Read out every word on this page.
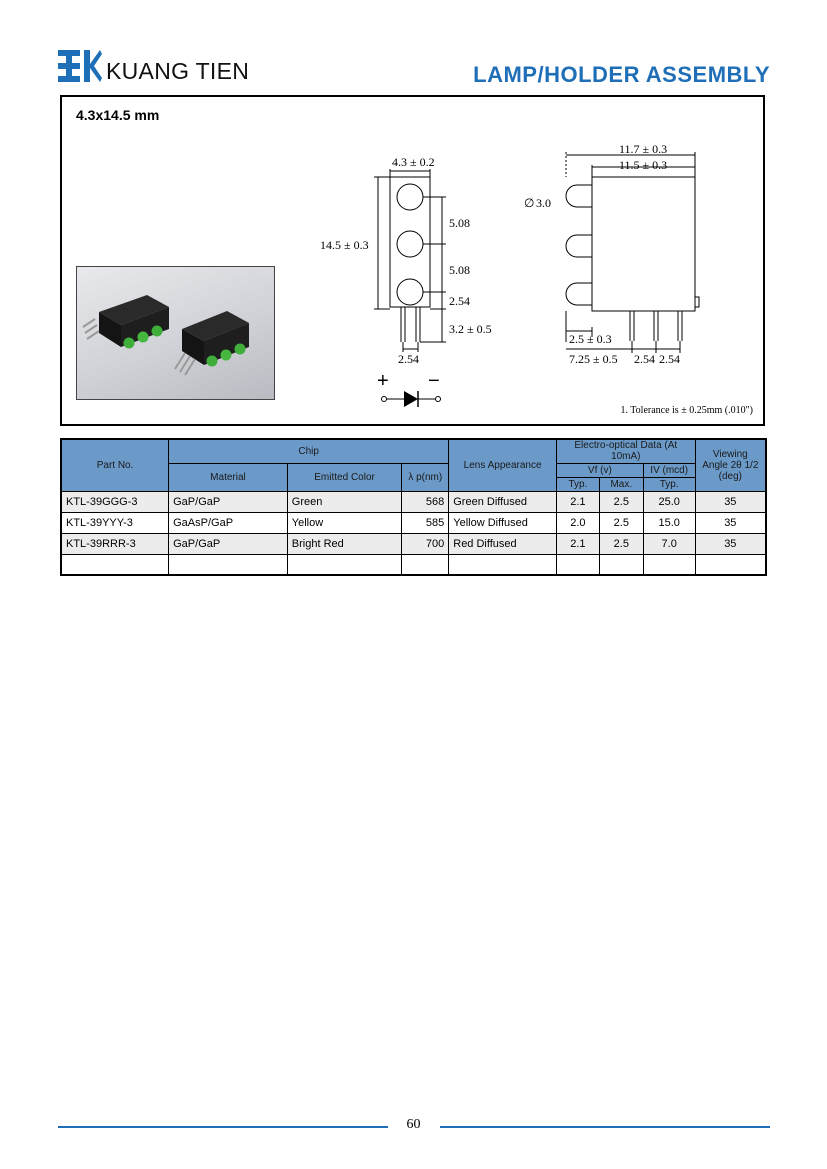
KUANG TIEN	LAMP/HOLDER ASSEMBLY
4.3x14.5 mm
4.3 ± 0.2
14.5 ± 0.3
5.08
5.08
2.54
3.2 ± 0.5
2.54
11.7 ± 0.3
11.5 ± 0.3
∅ 3.0
2.5 ± 0.3
7.25 ± 0.5 2.54 2.54
+ −
1. Tolerance is ± 0.25mm (.010")
Part No.	Chip			Lens Appearance	Electro-optical Data (At 10mA)			Viewing Angle 2θ 1/2 (deg)
	Material	Emitted Color	λ p(nm)		Vf (v)		IV (mcd)	
					Typ.	Max.	Typ.	
KTL-39GGG-3	GaP/GaP	Green	568	Green Diffused	2.1	2.5	25.0	35
KTL-39YYY-3	GaAsP/GaP	Yellow	585	Yellow Diffused	2.0	2.5	15.0	35
KTL-39RRR-3	GaP/GaP	Bright Red	700	Red Diffused	2.1	2.5	7.0	35

60
